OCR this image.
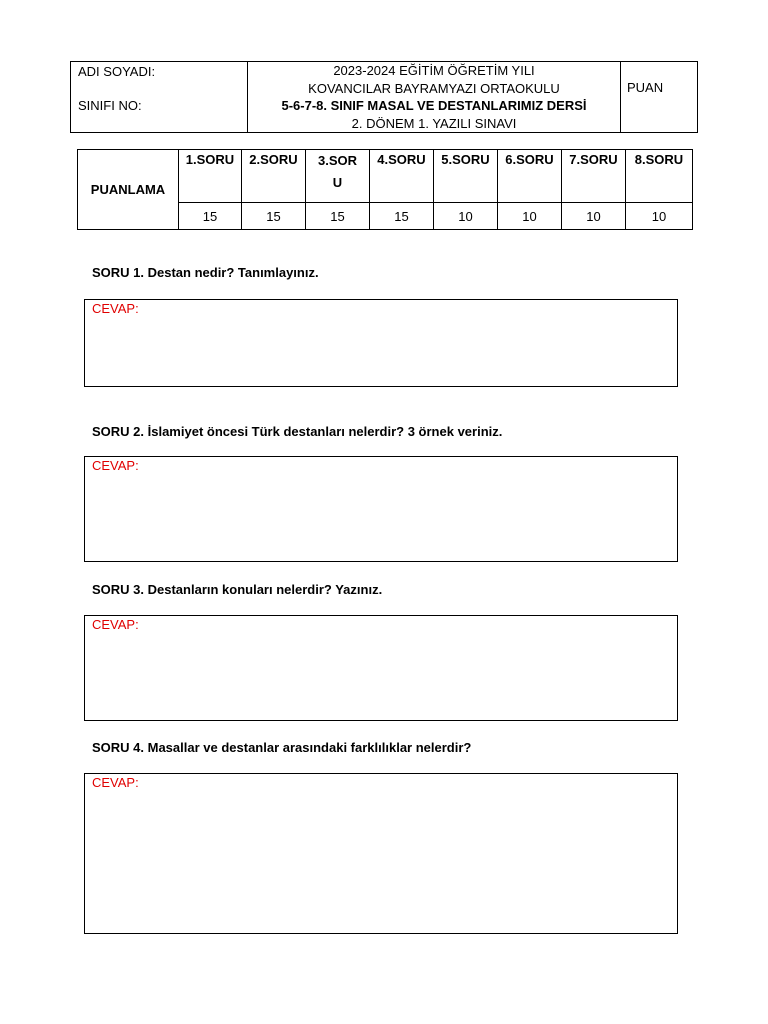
ADI SOYADI:
SINIFI NO:

2023-2024 EĞİTİM ÖĞRETİM YILI
KOVANCILAR BAYRAMYAZI ORTAOKULU
5-6-7-8. SINIF MASAL VE DESTANLARIMIZ DERSİ
2. DÖNEM 1. YAZILI SINAVI

PUAN
PUANLAMA	1.SORU	2.SORU	3.SORU	4.SORU	5.SORU	6.SORU	7.SORU	8.SORU
	15	15	15	15	10	10	10	10
SORU 1. Destan nedir? Tanımlayınız.
CEVAP:
SORU 2. İslamiyet öncesi Türk destanları nelerdir? 3 örnek veriniz.
CEVAP:
SORU 3. Destanların konuları nelerdir? Yazınız.
CEVAP:
SORU 4. Masallar ve destanlar arasındaki farklılıklar nelerdir?
CEVAP:
